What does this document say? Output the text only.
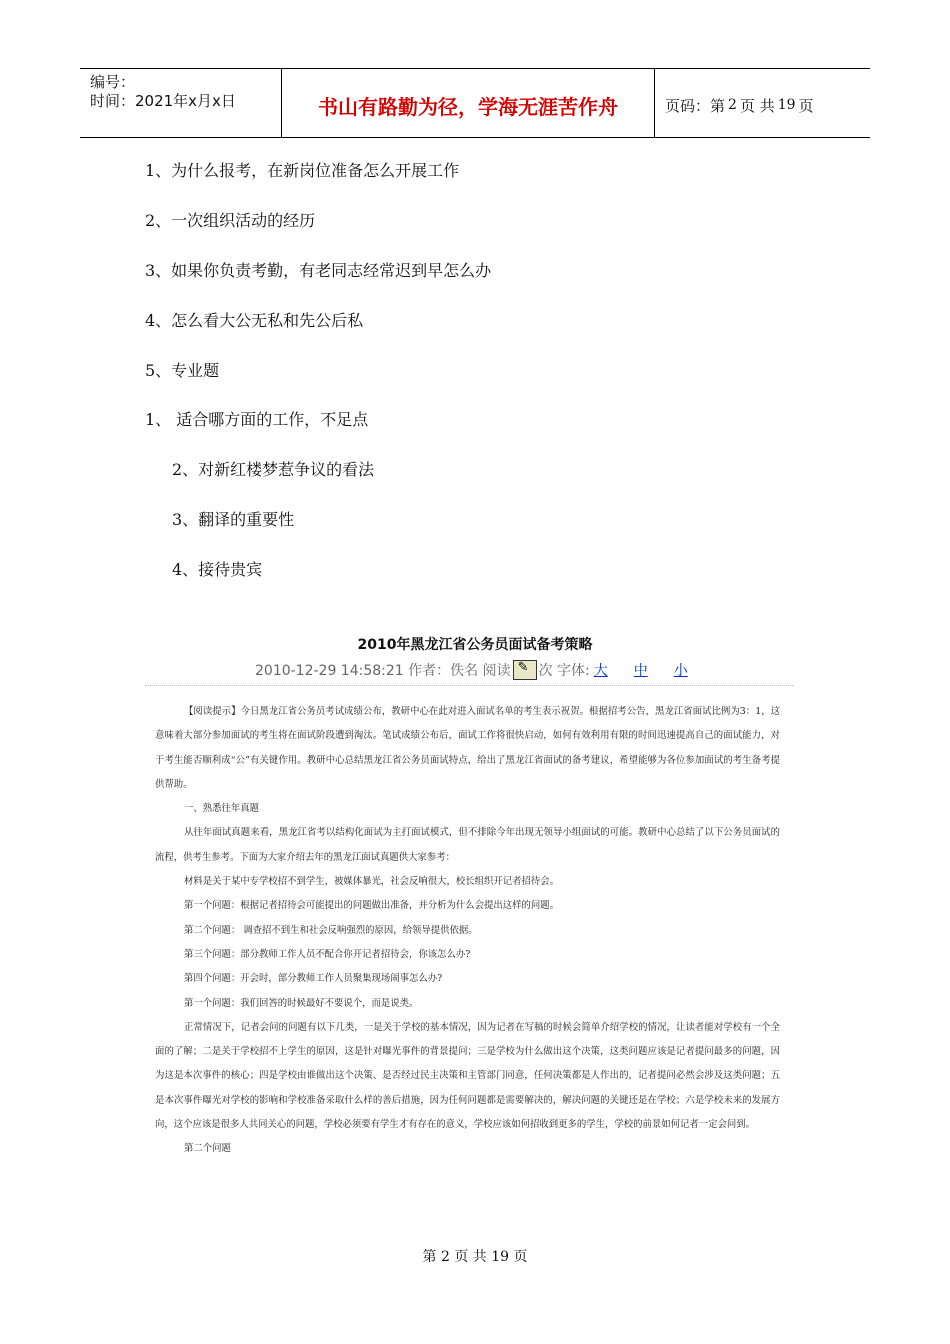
编号：
时间：2021年x月x日	书山有路勤为径，学海无涯苦作舟	页码：第 2 页 共 19 页
1、为什么报考，在新岗位准备怎么开展工作
2、一次组织活动的经历
3、如果你负责考勤，有老同志经常迟到早怎么办
4、怎么看大公无私和先公后私
5、专业题
1、 适合哪方面的工作，不足点
2、对新红楼梦惹争议的看法
3、翻译的重要性
4、接待贵宾
2010年黑龙江省公务员面试备考策略
2010-12-29 14:58:21 作者：佚名 阅读
✎ 次 字体: 大 中 小

【阅读提示】今日黑龙江省公务员考试成绩公布，教研中心在此对进入面试名单的考生表示祝贺。根据招考公告，黑龙江省面试比例为3：1，这意味着大部分参加面试的考生将在面试阶段遭到淘汰。笔试成绩公布后，面试工作将很快启动，如何有效利用有限的时间迅速提高自己的面试能力，对于考生能否顺利成“公”有关键作用。教研中心总结黑龙江省公务员面试特点，给出了黑龙江省面试的备考建议，希望能够为各位参加面试的考生备考提供帮助。

一、熟悉往年真题

从往年面试真题来看，黑龙江省考以结构化面试为主打面试模式，但不排除今年出现无领导小组面试的可能。教研中心总结了以下公务员面试的流程，供考生参考。下面为大家介绍去年的黑龙江面试真题供大家参考：

材料是关于某中专学校招不到学生，被媒体暴光，社会反响很大，校长组织开记者招待会。

第一个问题：根据记者招待会可能提出的问题做出准备，并分析为什么会提出这样的问题。

第二个问题： 调查招不到生和社会反响强烈的原因，给领导提供依据。

第三个问题：部分教师工作人员不配合你开记者招待会，你该怎么办?

第四个问题：开会时，部分教师工作人员聚集现场闹事怎么办?

第一个问题：我们回答的时候最好不要说个，而是说类。

正常情况下，记者会问的问题有以下几类，一是关于学校的基本情况，因为记者在写稿的时候会简单介绍学校的情况，让读者能对学校有一个全面的了解；二是关于学校招不上学生的原因，这是针对曝光事件的背景提问；三是学校为什么做出这个决策，这类问题应该是记者提问最多的问题，因为这是本次事件的核心；四是学校由谁做出这个决策、是否经过民主决策和主管部门同意，任何决策都是人作出的，记者提问必然会涉及这类问题；五是本次事件曝光对学校的影响和学校准备采取什么样的善后措施，因为任何问题都是需要解决的，解决问题的关键还是在学校；六是学校未来的发展方向，这个应该是很多人共同关心的问题，学校必须要有学生才有存在的意义，学校应该如何招收到更多的学生，学校的前景如何记者一定会问到。

第二个问题

第 2 页 共 19 页
